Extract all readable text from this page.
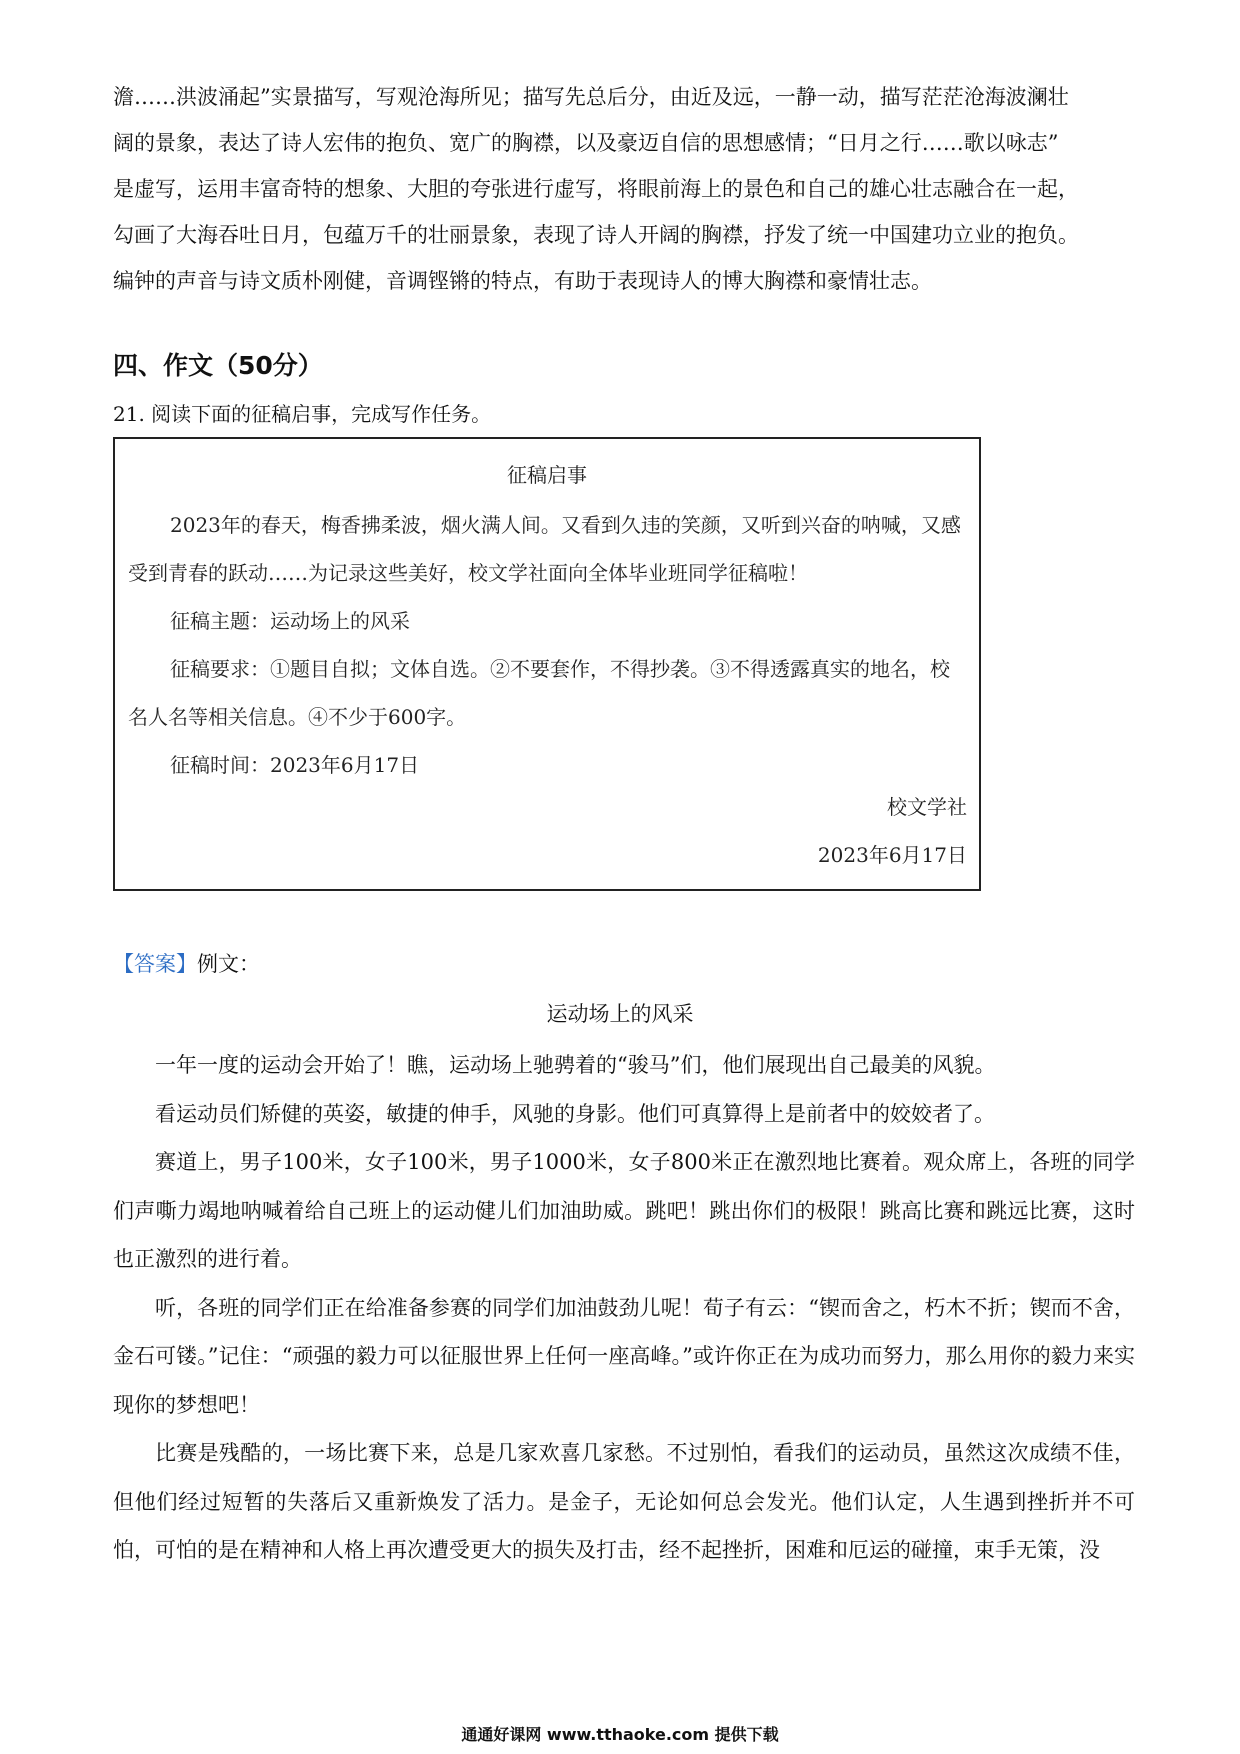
澹……洪波涌起”实景描写，写观沧海所见；描写先总后分，由近及远，一静一动，描写茫茫沧海波澜壮

阔的景象，表达了诗人宏伟的抱负、宽广的胸襟，以及豪迈自信的思想感情；“日月之行……歌以咏志”

是虚写，运用丰富奇特的想象、大胆的夸张进行虚写，将眼前海上的景色和自己的雄心壮志融合在一起，

勾画了大海吞吐日月，包蕴万千的壮丽景象，表现了诗人开阔的胸襟，抒发了统一中国建功立业的抱负。

编钟的声音与诗文质朴刚健，音调铿锵的特点，有助于表现诗人的博大胸襟和豪情壮志。

四、作文（50分）

21. 阅读下面的征稿启事，完成写作任务。

征稿启事

2023年的春天，梅香拂柔波，烟火满人间。又看到久违的笑颜，又听到兴奋的呐喊，又感受到青春的跃动……为记录这些美好，校文学社面向全体毕业班同学征稿啦！

征稿主题：运动场上的风采

征稿要求：①题目自拟；文体自选。②不要套作，不得抄袭。③不得透露真实的地名，校名人名等相关信息。④不少于600字。

征稿时间：2023年6月17日

校文学社

2023年6月17日

【答案】例文：

运动场上的风采

一年一度的运动会开始了！瞧，运动场上驰骋着的“骏马”们，他们展现出自己最美的风貌。

看运动员们矫健的英姿，敏捷的伸手，风驰的身影。他们可真算得上是前者中的姣姣者了。

赛道上，男子100米，女子100米，男子1000米，女子800米正在激烈地比赛着。观众席上，各班的同学们声嘶力竭地呐喊着给自己班上的运动健儿们加油助威。跳吧！跳出你们的极限！跳高比赛和跳远比赛，这时也正激烈的进行着。

听，各班的同学们正在给准备参赛的同学们加油鼓劲儿呢！荀子有云：“锲而舍之，朽木不折；锲而不舍，金石可镂。”记住：“顽强的毅力可以征服世界上任何一座高峰。”或许你正在为成功而努力，那么用你的毅力来实现你的梦想吧！

比赛是残酷的，一场比赛下来，总是几家欢喜几家愁。不过别怕，看我们的运动员，虽然这次成绩不佳，但他们经过短暂的失落后又重新焕发了活力。是金子，无论如何总会发光。他们认定，人生遇到挫折并不可怕，可怕的是在精神和人格上再次遭受更大的损失及打击，经不起挫折，困难和厄运的碰撞，束手无策，没

通通好课网 www.tthaoke.com 提供下载
